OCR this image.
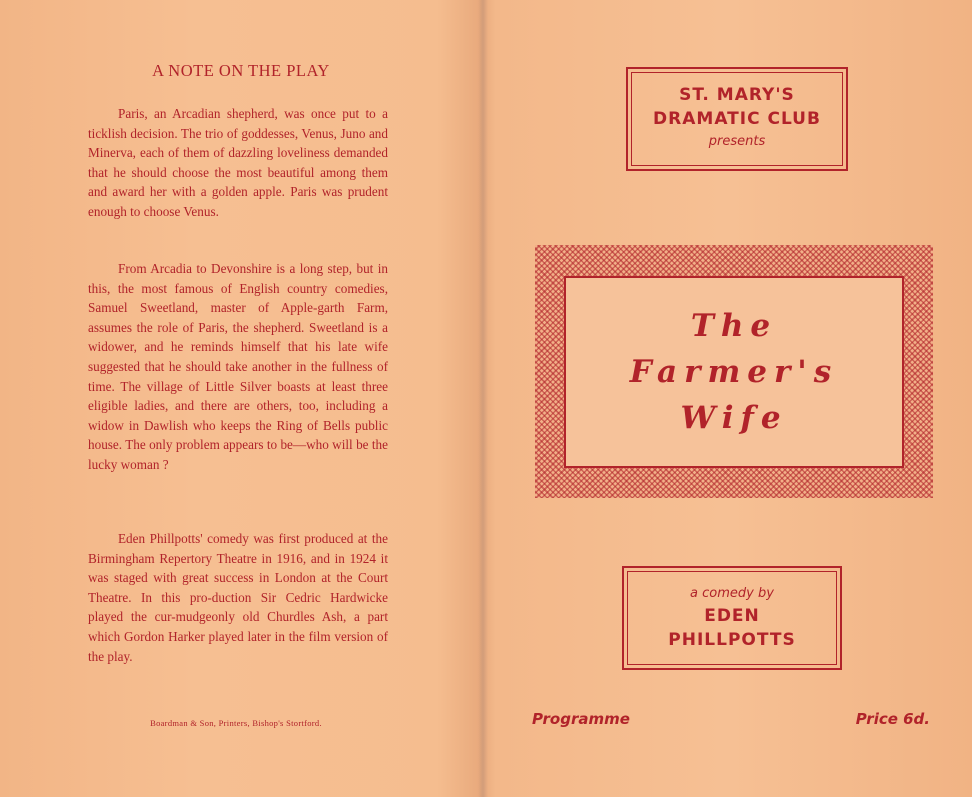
A NOTE ON THE PLAY

Paris, an Arcadian shepherd, was once put to a ticklish decision. The trio of goddesses, Venus, Juno and Minerva, each of them of dazzling loveliness demanded that he should choose the most beautiful among them and award her with a golden apple. Paris was prudent enough to choose Venus.

From Arcadia to Devonshire is a long step, but in this, the most famous of English country comedies, Samuel Sweetland, master of Apple-garth Farm, assumes the role of Paris, the shepherd. Sweetland is a widower, and he reminds himself that his late wife suggested that he should take another in the fullness of time. The village of Little Silver boasts at least three eligible ladies, and there are others, too, including a widow in Dawlish who keeps the Ring of Bells public house. The only problem appears to be—who will be the lucky woman ?

Eden Phillpotts' comedy was first produced at the Birmingham Repertory Theatre in 1916, and in 1924 it was staged with great success in London at the Court Theatre. In this pro-duction Sir Cedric Hardwicke played the cur-mudgeonly old Churdles Ash, a part which Gordon Harker played later in the film version of the play.

Boardman & Son, Printers, Bishop's Stortford.

ST. MARY'S
DRAMATIC CLUB
presents
The
Farmer's
Wife
a comedy by
EDEN
PHILLPOTTS
Programme	Price 6d.
